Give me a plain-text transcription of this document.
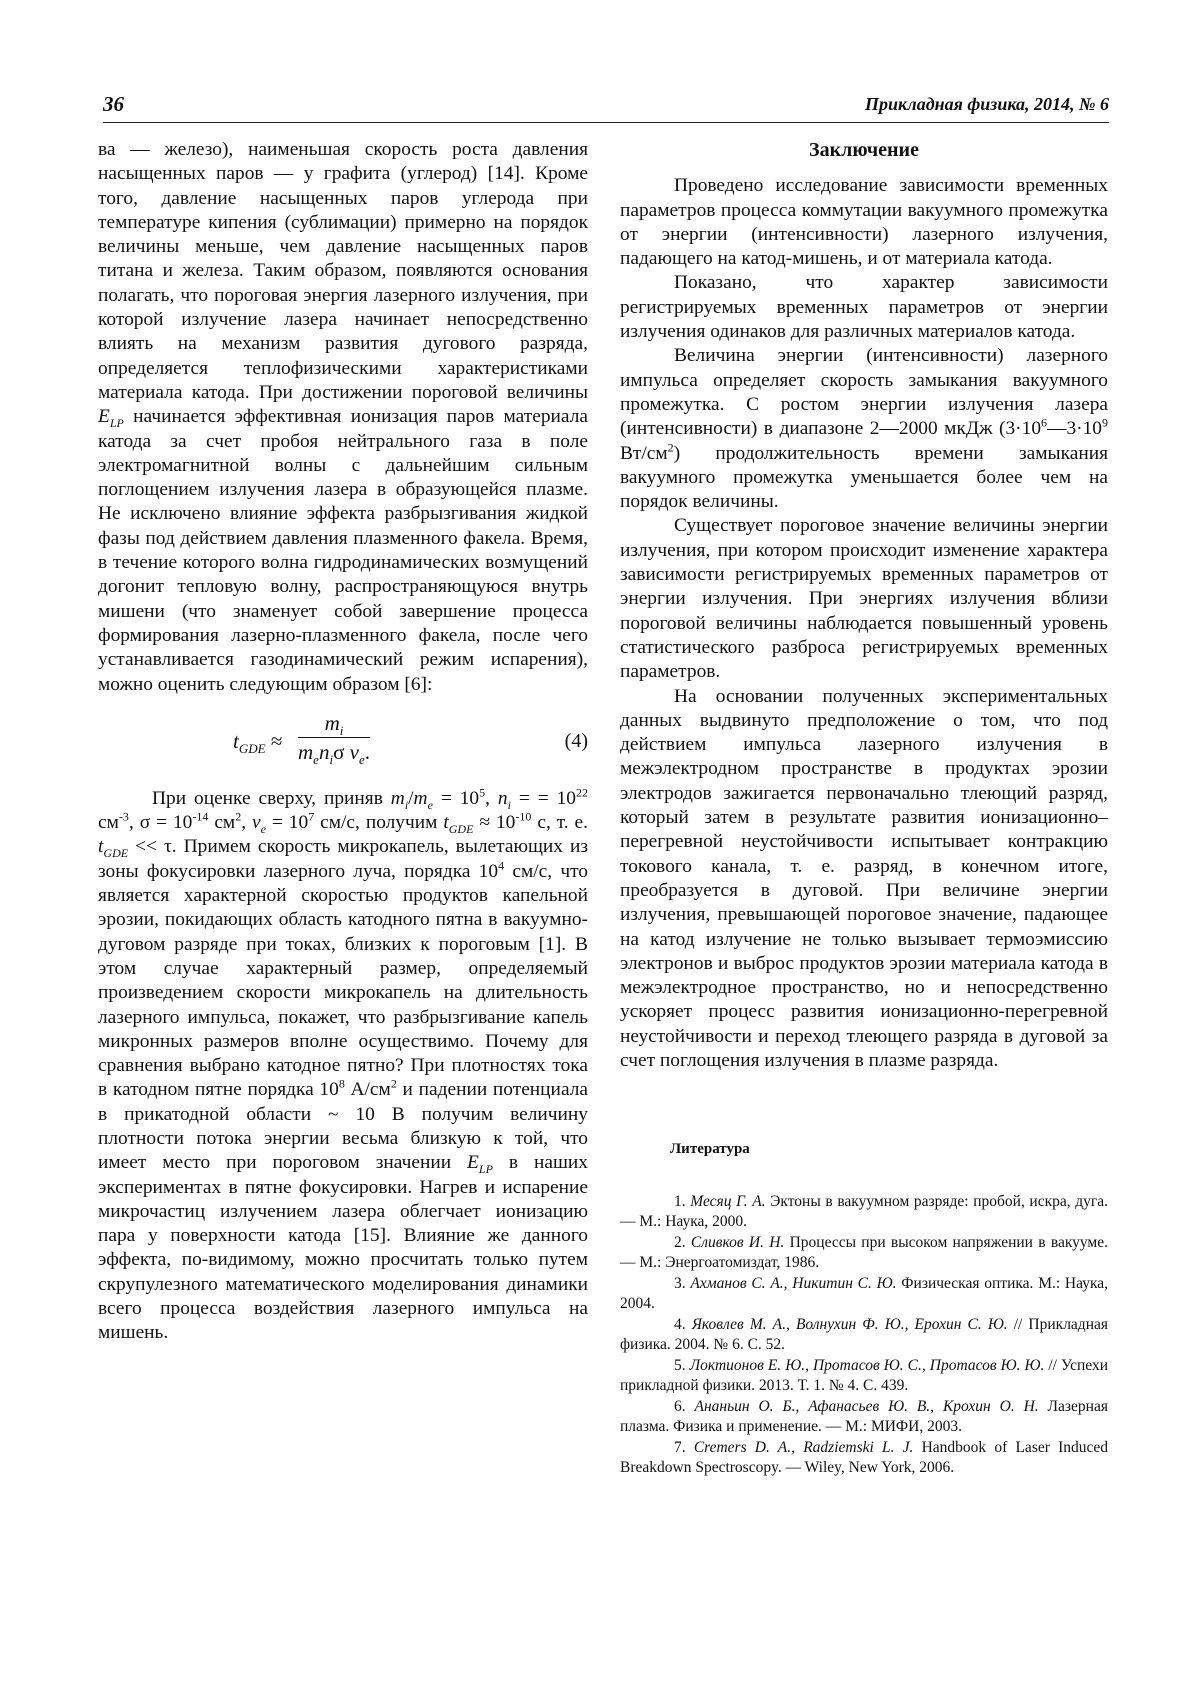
36	Прикладная физика, 2014, № 6

ва — железо), наименьшая скорость роста давления насыщенных паров — у графита (углерод) [14]. Кроме того, давление насыщенных паров углерода при температуре кипения (сублимации) примерно на порядок величины меньше, чем давление насыщенных паров титана и железа. Таким образом, появляются основания полагать, что пороговая энергия лазерного излучения, при которой излучение лазера начинает непосредственно влиять на механизм развития дугового разряда, определяется теплофизическими характеристиками материала катода. При достижении пороговой величины $E_{LP}$ начинается эффективная ионизация паров материала катода за счет пробоя нейтрального газа в поле электромагнитной волны с дальнейшим сильным поглощением излучения лазера в образующейся плазме. Не исключено влияние эффекта разбрызгивания жидкой фазы под действием давления плазменного факела. Время, в течение которого волна гидродинамических возмущений догонит тепловую волну, распространяющуюся внутрь мишени (что знаменует собой завершение процесса формирования лазерно-плазменного факела, после чего устанавливается газодинамический режим испарения), можно оценить следующим образом [6]:

$t_{GDE}$ ≈
$m_i$
$m_en_i\sigma$ $v_e$.	(4)

При оценке сверху, приняв $m_i/m_e = 10^5$, $n_i$ = = $10^{22}$ $см^{-3}$, $\sigma = 10^{-14}$ $см^2$, $v_e = 10^7$ см/с, получим $t_{GDE} \approx 10^{-10}$ с, т. е. $t_{GDE} << \tau$. Примем скорость микрокапель, вылетающих из зоны фокусировки лазерного луча, порядка $10^4$ см/с, что является характерной скоростью продуктов капельной эрозии, покидающих область катодного пятна в вакуумно-дуговом разряде при токах, близких к пороговым [1]. В этом случае характерный размер, определяемый произведением скорости микрокапель на длительность лазерного импульса, покажет, что разбрызгивание капель микронных размеров вполне осуществимо. Почему для сравнения выбрано катодное пятно? При плотностях тока в катодном пятне порядка $10^8$ $А/см^2$ и падении потенциала в прикатодной области ~ 10 В получим величину плотности потока энергии весьма близкую к той, что имеет место при пороговом значении $E_{LP}$ в наших экспериментах в пятне фокусировки. Нагрев и испарение микрочастиц излучением лазера облегчает ионизацию пара у поверхности катода [15]. Влияние же данного эффекта, по-видимому, можно просчитать только путем скрупулезного математического моделирования динамики всего процесса воздействия лазерного импульса на мишень.

Заключение

Проведено исследование зависимости временных параметров процесса коммутации вакуумного промежутка от энергии (интенсивности) лазерного излучения, падающего на катод-мишень, и от материала катода.

Показано, что характер зависимости регистрируемых временных параметров от энергии излучения одинаков для различных материалов катода.

Величина энергии (интенсивности) лазерного импульса определяет скорость замыкания вакуумного промежутка. С ростом энергии излучения лазера (интенсивности) в диапазоне 2—2000 мкДж ($3\cdot 10^6—3\cdot 10^9$ $Вт/см^2$) продолжительность времени замыкания вакуумного промежутка уменьшается более чем на порядок величины.

Существует пороговое значение величины энергии излучения, при котором происходит изменение характера зависимости регистрируемых временных параметров от энергии излучения. При энергиях излучения вблизи пороговой величины наблюдается повышенный уровень статистического разброса регистрируемых временных параметров.

На основании полученных экспериментальных данных выдвинуто предположение о том, что под действием импульса лазерного излучения в межэлектродном пространстве в продуктах эрозии электродов зажигается первоначально тлеющий разряд, который затем в результате развития ионизационно–перегревной неустойчивости испытывает контракцию токового канала, т. е. разряд, в конечном итоге, преобразуется в дуговой. При величине энергии излучения, превышающей пороговое значение, падающее на катод излучение не только вызывает термоэмиссию электронов и выброс продуктов эрозии материала катода в межэлектродное пространство, но и непосредственно ускоряет процесс развития ионизационно-перегревной неустойчивости и переход тлеющего разряда в дуговой за счет поглощения излучения в плазме разряда.

Литература

1. Месяц Г. А. Эктоны в вакуумном разряде: пробой, искра, дуга. — М.: Наука, 2000.

2. Сливков И. Н. Процессы при высоком напряжении в вакууме. — М.: Энергоатомиздат, 1986.

3. Ахманов С. А., Никитин С. Ю. Физическая оптика. М.: Наука, 2004.

4. Яковлев М. А., Волнухин Ф. Ю., Ерохин С. Ю. // Прикладная физика. 2004. № 6. С. 52.

5. Локтионов Е. Ю., Протасов Ю. С., Протасов Ю. Ю. // Успехи прикладной физики. 2013. Т. 1. № 4. С. 439.

6. Ананьин О. Б., Афанасьев Ю. В., Крохин О. Н. Лазерная плазма. Физика и применение. — М.: МИФИ, 2003.

7. Cremers D. A., Radziemski L. J. Handbook of Laser Induced Breakdown Spectroscopy. — Wiley, New York, 2006.
